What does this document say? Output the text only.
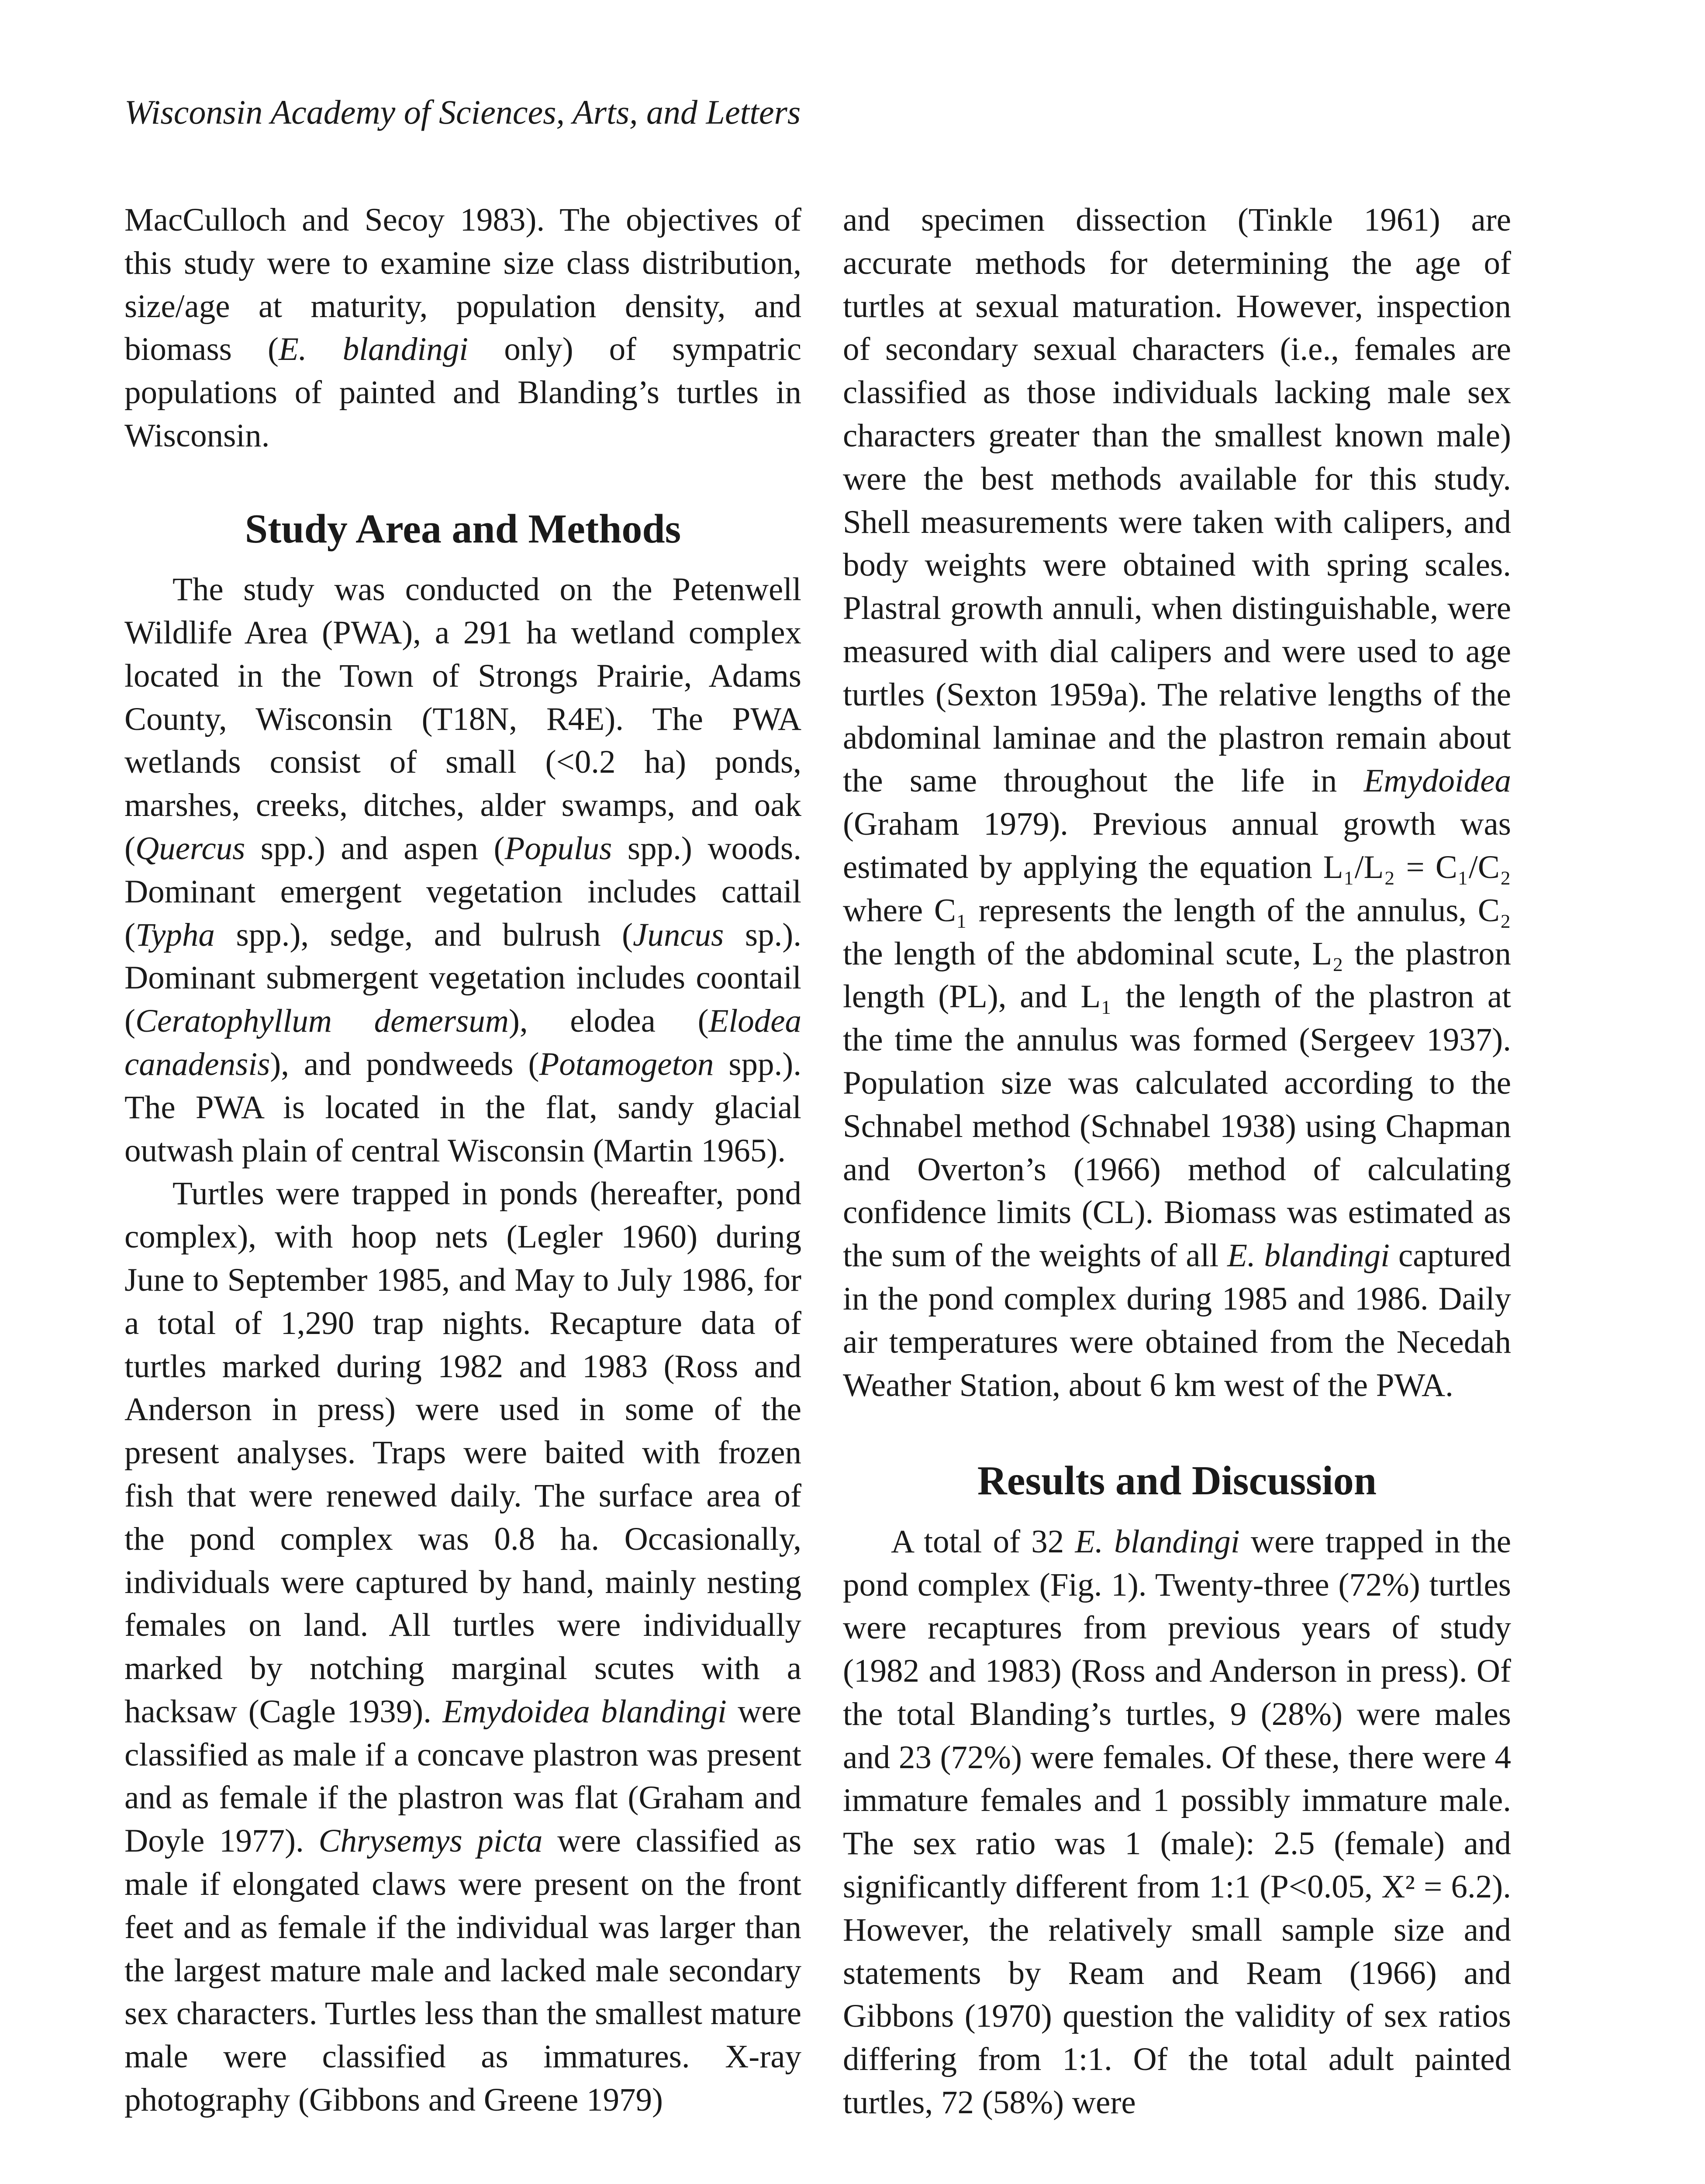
Wisconsin Academy of Sciences, Arts, and Letters

MacCulloch and Secoy 1983). The objectives of this study were to examine size class distribution, size/age at maturity, population density, and biomass (E. blandingi only) of sympatric populations of painted and Blanding’s turtles in Wisconsin.

Study Area and Methods

The study was conducted on the Petenwell Wildlife Area (PWA), a 291 ha wetland complex located in the Town of Strongs Prairie, Adams County, Wisconsin (T18N, R4E). The PWA wetlands consist of small (<0.2 ha) ponds, marshes, creeks, ditches, alder swamps, and oak (Quercus spp.) and aspen (Populus spp.) woods. Dominant emergent vegetation includes cattail (Typha spp.), sedge, and bulrush (Juncus sp.). Dominant submergent vegetation includes coontail (Ceratophyllum demersum), elodea (Elodea canadensis), and pondweeds (Potamogeton spp.). The PWA is located in the flat, sandy glacial outwash plain of central Wisconsin (Martin 1965).

Turtles were trapped in ponds (hereafter, pond complex), with hoop nets (Legler 1960) during June to September 1985, and May to July 1986, for a total of 1,290 trap nights. Recapture data of turtles marked during 1982 and 1983 (Ross and Anderson in press) were used in some of the present analyses. Traps were baited with frozen fish that were renewed daily. The surface area of the pond complex was 0.8 ha. Occasionally, individuals were captured by hand, mainly nesting females on land. All turtles were individually marked by notching marginal scutes with a hacksaw (Cagle 1939). Emydoidea blandingi were classified as male if a concave plastron was present and as female if the plastron was flat (Graham and Doyle 1977). Chrysemys picta were classified as male if elongated claws were present on the front feet and as female if the individual was larger than the largest mature male and lacked male secondary sex characters. Turtles less than the smallest mature male were classified as immatures. X-ray photography (Gibbons and Greene 1979)

and specimen dissection (Tinkle 1961) are accurate methods for determining the age of turtles at sexual maturation. However, inspection of secondary sexual characters (i.e., females are classified as those individuals lacking male sex characters greater than the smallest known male) were the best methods available for this study. Shell measurements were taken with calipers, and body weights were obtained with spring scales. Plastral growth annuli, when distinguishable, were measured with dial calipers and were used to age turtles (Sexton 1959a). The relative lengths of the abdominal laminae and the plastron remain about the same throughout the life in Emydoidea (Graham 1979). Previous annual growth was estimated by applying the equation L₁/L₂ = C₁/C₂ where C₁ represents the length of the annulus, C₂ the length of the abdominal scute, L₂ the plastron length (PL), and L₁ the length of the plastron at the time the annulus was formed (Sergeev 1937). Population size was calculated according to the Schnabel method (Schnabel 1938) using Chapman and Overton’s (1966) method of calculating confidence limits (CL). Biomass was estimated as the sum of the weights of all E. blandingi captured in the pond complex during 1985 and 1986. Daily air temperatures were obtained from the Necedah Weather Station, about 6 km west of the PWA.

Results and Discussion

A total of 32 E. blandingi were trapped in the pond complex (Fig. 1). Twenty-three (72%) turtles were recaptures from previous years of study (1982 and 1983) (Ross and Anderson in press). Of the total Blanding’s turtles, 9 (28%) were males and 23 (72%) were females. Of these, there were 4 immature females and 1 possibly immature male. The sex ratio was 1 (male): 2.5 (female) and significantly different from 1:1 (P<0.05, X² = 6.2). However, the relatively small sample size and statements by Ream and Ream (1966) and Gibbons (1970) question the validity of sex ratios differing from 1:1. Of the total adult painted turtles, 72 (58%) were
